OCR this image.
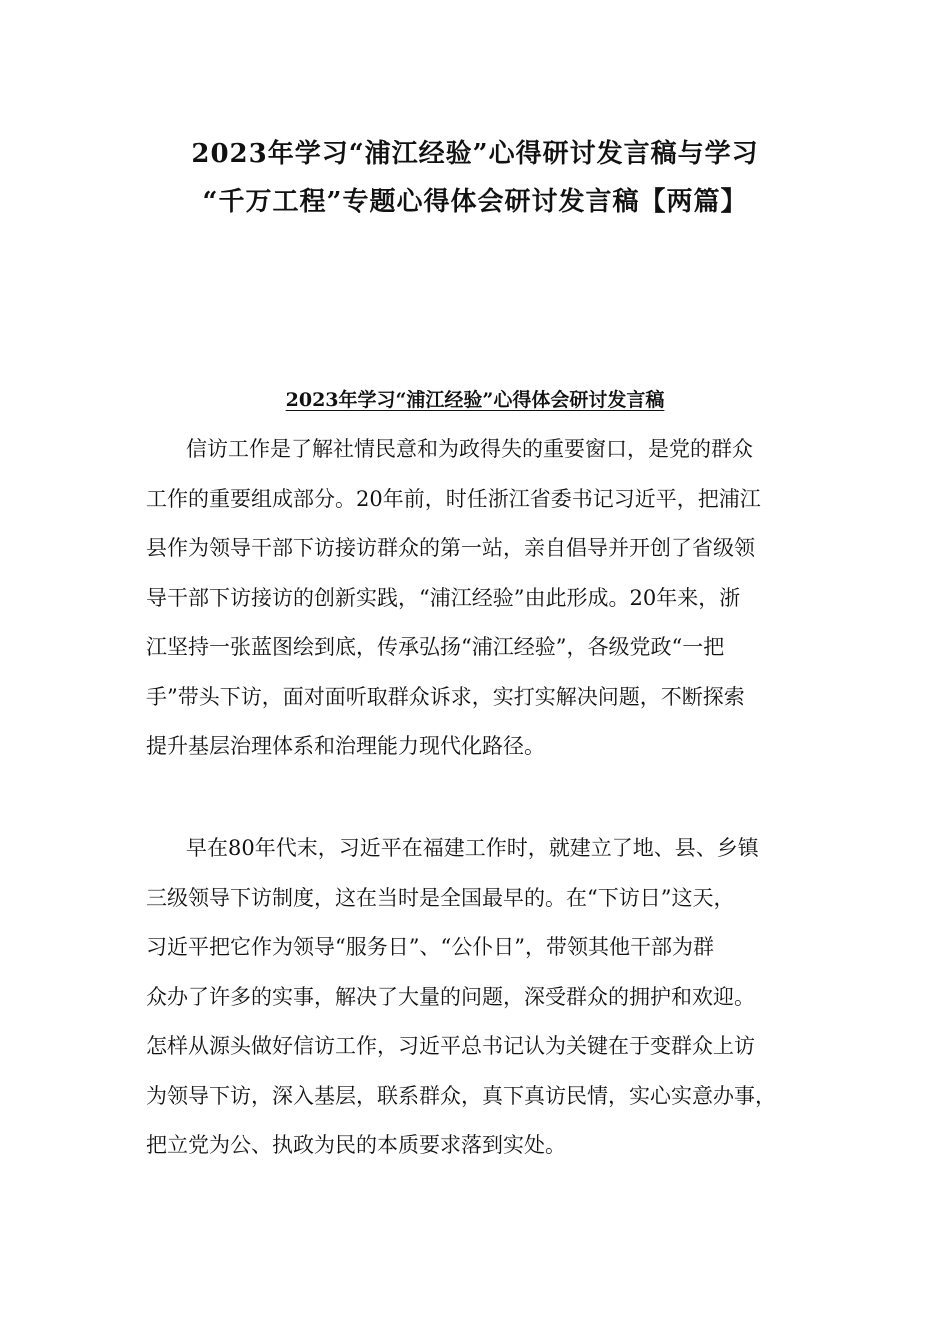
2023年学习“浦江经验”心得研讨发言稿与学习
“千万工程”专题心得体会研讨发言稿【两篇】
2023年学习“浦江经验”心得体会研讨发言稿

信访工作是了解社情民意和为政得失的重要窗口，是党的群众
工作的重要组成部分。20年前，时任浙江省委书记习近平，把浦江
县作为领导干部下访接访群众的第一站，亲自倡导并开创了省级领
导干部下访接访的创新实践，“浦江经验”由此形成。20年来，浙
江坚持一张蓝图绘到底，传承弘扬“浦江经验”，各级党政“一把
手”带头下访，面对面听取群众诉求，实打实解决问题，不断探索
提升基层治理体系和治理能力现代化路径。

早在80年代末，习近平在福建工作时，就建立了地、县、乡镇
三级领导下访制度，这在当时是全国最早的。在“下访日”这天，
习近平把它作为领导“服务日”、“公仆日”，带领其他干部为群
众办了许多的实事，解决了大量的问题，深受群众的拥护和欢迎。
怎样从源头做好信访工作，习近平总书记认为关键在于变群众上访
为领导下访，深入基层，联系群众，真下真访民情，实心实意办事，
把立党为公、执政为民的本质要求落到实处。
